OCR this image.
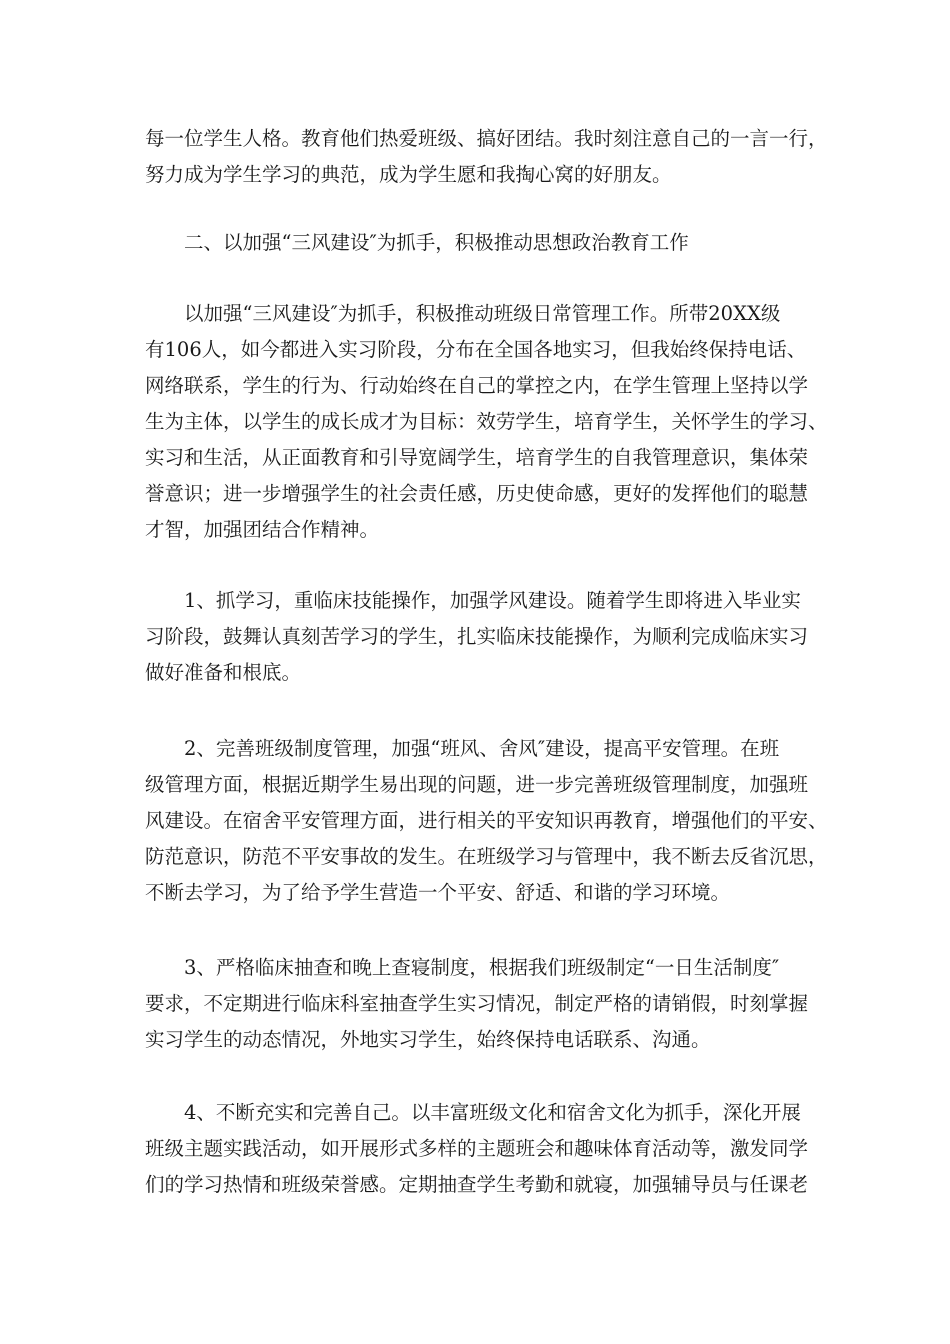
每一位学生人格。教育他们热爱班级、搞好团结。我时刻注意自己的一言一行，
努力成为学生学习的典范，成为学生愿和我掏心窝的好朋友。

　　二、以加强“三风建设″为抓手，积极推动思想政治教育工作

　　以加强“三风建设″为抓手，积极推动班级日常管理工作。所带20XX级
有106人，如今都进入实习阶段，分布在全国各地实习，但我始终保持电话、
网络联系，学生的行为、行动始终在自己的掌控之内，在学生管理上坚持以学
生为主体，以学生的成长成才为目标：效劳学生，培育学生，关怀学生的学习、
实习和生活，从正面教育和引导宽阔学生，培育学生的自我管理意识，集体荣
誉意识；进一步增强学生的社会责任感，历史使命感，更好的发挥他们的聪慧
才智，加强团结合作精神。

　　1、抓学习，重临床技能操作，加强学风建设。随着学生即将进入毕业实
习阶段，鼓舞认真刻苦学习的学生，扎实临床技能操作，为顺利完成临床实习
做好准备和根底。

　　2、完善班级制度管理，加强“班风、舍风″建设，提高平安管理。在班
级管理方面，根据近期学生易出现的问题，进一步完善班级管理制度，加强班
风建设。在宿舍平安管理方面，进行相关的平安知识再教育，增强他们的平安、
防范意识，防范不平安事故的发生。在班级学习与管理中，我不断去反省沉思，
不断去学习，为了给予学生营造一个平安、舒适、和谐的学习环境。

　　3、严格临床抽查和晚上查寝制度，根据我们班级制定“一日生活制度″
要求，不定期进行临床科室抽查学生实习情况，制定严格的请销假，时刻掌握
实习学生的动态情况，外地实习学生，始终保持电话联系、沟通。

　　4、不断充实和完善自己。以丰富班级文化和宿舍文化为抓手，深化开展
班级主题实践活动，如开展形式多样的主题班会和趣味体育活动等，激发同学
们的学习热情和班级荣誉感。定期抽查学生考勤和就寝，加强辅导员与任课老
